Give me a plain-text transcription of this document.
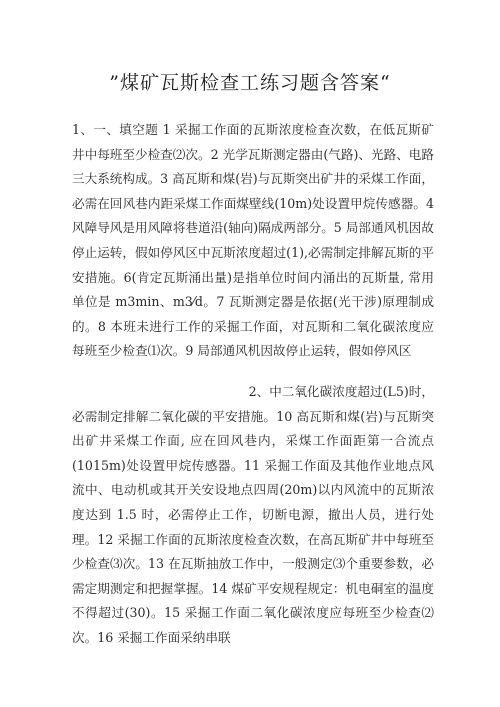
”煤矿瓦斯检查工练习题含答案“
1、一、填空题 1 采掘工作面的瓦斯浓度检查次数，在低瓦斯矿井中每班至少检查⑵次。2 光学瓦斯测定器由(气路)、光路、电路三大系统构成。3 高瓦斯和煤(岩)与瓦斯突出矿井的采煤工作面，必需在回风巷内距采煤工作面煤壁线(10m)处设置甲烷传感器。4 风障导风是用风障将巷道沿(轴向)隔成两部分。5 局部通风机因故停止运转，假如停风区中瓦斯浓度超过(1),必需制定排解瓦斯的平安措施。6(肯定瓦斯涌出量)是指单位时间内涌出的瓦斯量, 常用单位是 m3min、m3⁄d。7 瓦斯测定器是依据(光干涉)原理制成的。8 本班未进行工作的采掘工作面，对瓦斯和二氧化碳浓度应每班至少检查⑴次。9 局部通风机因故停止运转，假如停风区
2、中二氧化碳浓度超过(L5)时，
必需制定排解二氧化碳的平安措施。10 高瓦斯和煤(岩)与瓦斯突出矿井采煤工作面, 应在回风巷内，采煤工作面距第一合流点(1015m)处设置甲烷传感器。11 采掘工作面及其他作业地点风流中、电动机或其开关安设地点四周(20m)以内风流中的瓦斯浓度达到 1.5 时，必需停止工作，切断电源，撤出人员，进行处理。12 采掘工作面的瓦斯浓度检查次数，在高瓦斯矿井中每班至少检查⑶次。13 在瓦斯抽放工作中，一般测定⑶个重要参数，必需定期测定和把握掌握。14 煤矿平安规程规定：机电硐室的温度不得超过(30)。15 采掘工作面二氧化碳浓度应每班至少检查⑵次。16 采掘工作面采纳串联
